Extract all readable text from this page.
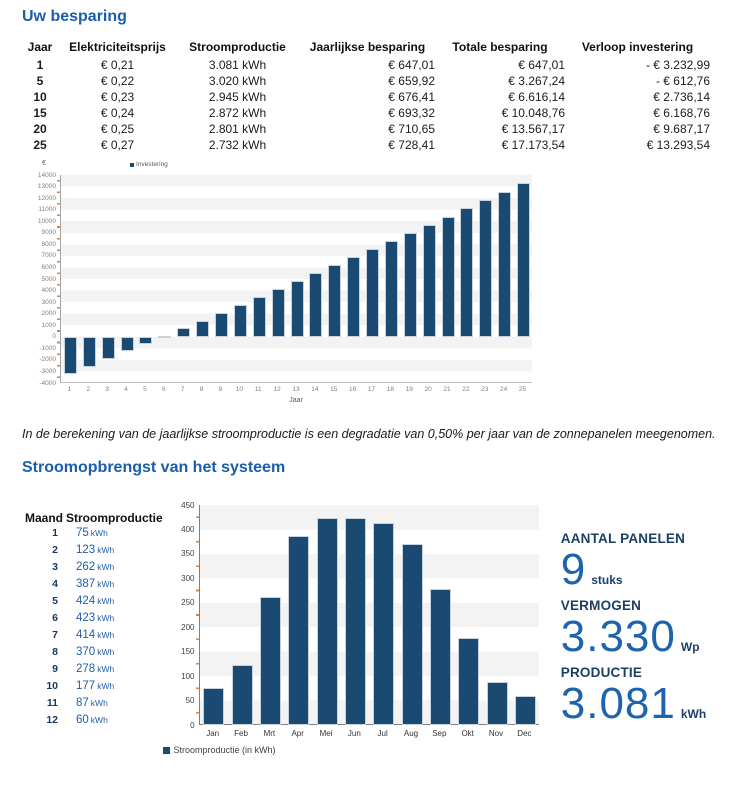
Uw besparing
Jaar	Elektriciteitsprijs	Stroomproductie	Jaarlijkse besparing	Totale besparing	Verloop investering
1	€ 0,21	3.081 kWh	€ 647,01	€ 647,01	- € 3.232,99
5	€ 0,22	3.020 kWh	€ 659,92	€ 3.267,24	- € 612,76
10	€ 0,23	2.945 kWh	€ 676,41	€ 6.616,14	€ 2.736,14
15	€ 0,24	2.872 kWh	€ 693,32	€ 10.048,76	€ 6.168,76
20	€ 0,25	2.801 kWh	€ 710,65	€ 13.567,17	€ 9.687,17
25	€ 0,27	2.732 kWh	€ 728,41	€ 17.173,54	€ 13.293,54
€	Investering
Jaar
14000
13000
12000
11000
10000
9000
8000
7000
6000
5000
4000
3000
2000
1000
0
-1000
-2000
-3000
-4000
1	2	3	4	5	6	7	8	9	10	11	12	13	14	15	16	17	18	19	20	21	22	23	24	25
In de berekening van de jaarlijkse stroomproductie is een degradatie van 0,50% per jaar van de zonnepanelen meegenomen.
Stroomopbrengst van het systeem
Maand Stroomproductie
1 75 kWh
2 123 kWh
3 262 kWh
4 387 kWh
5 424 kWh
6 423 kWh
7 414 kWh
8 370 kWh
9 278 kWh
10 177 kWh
11 87 kWh
12 60 kWh
Stroomproductie (in kWh)
450
400
350
300
250
200
150
100
50
0
Jan	Feb	Mrt	Apr	Mei	Jun	Jul	Aug	Sep	Okt	Nov	Dec
AANTAL PANELEN
9 stuks
VERMOGEN
3.330 Wp
PRODUCTIE
3.081 kWh
